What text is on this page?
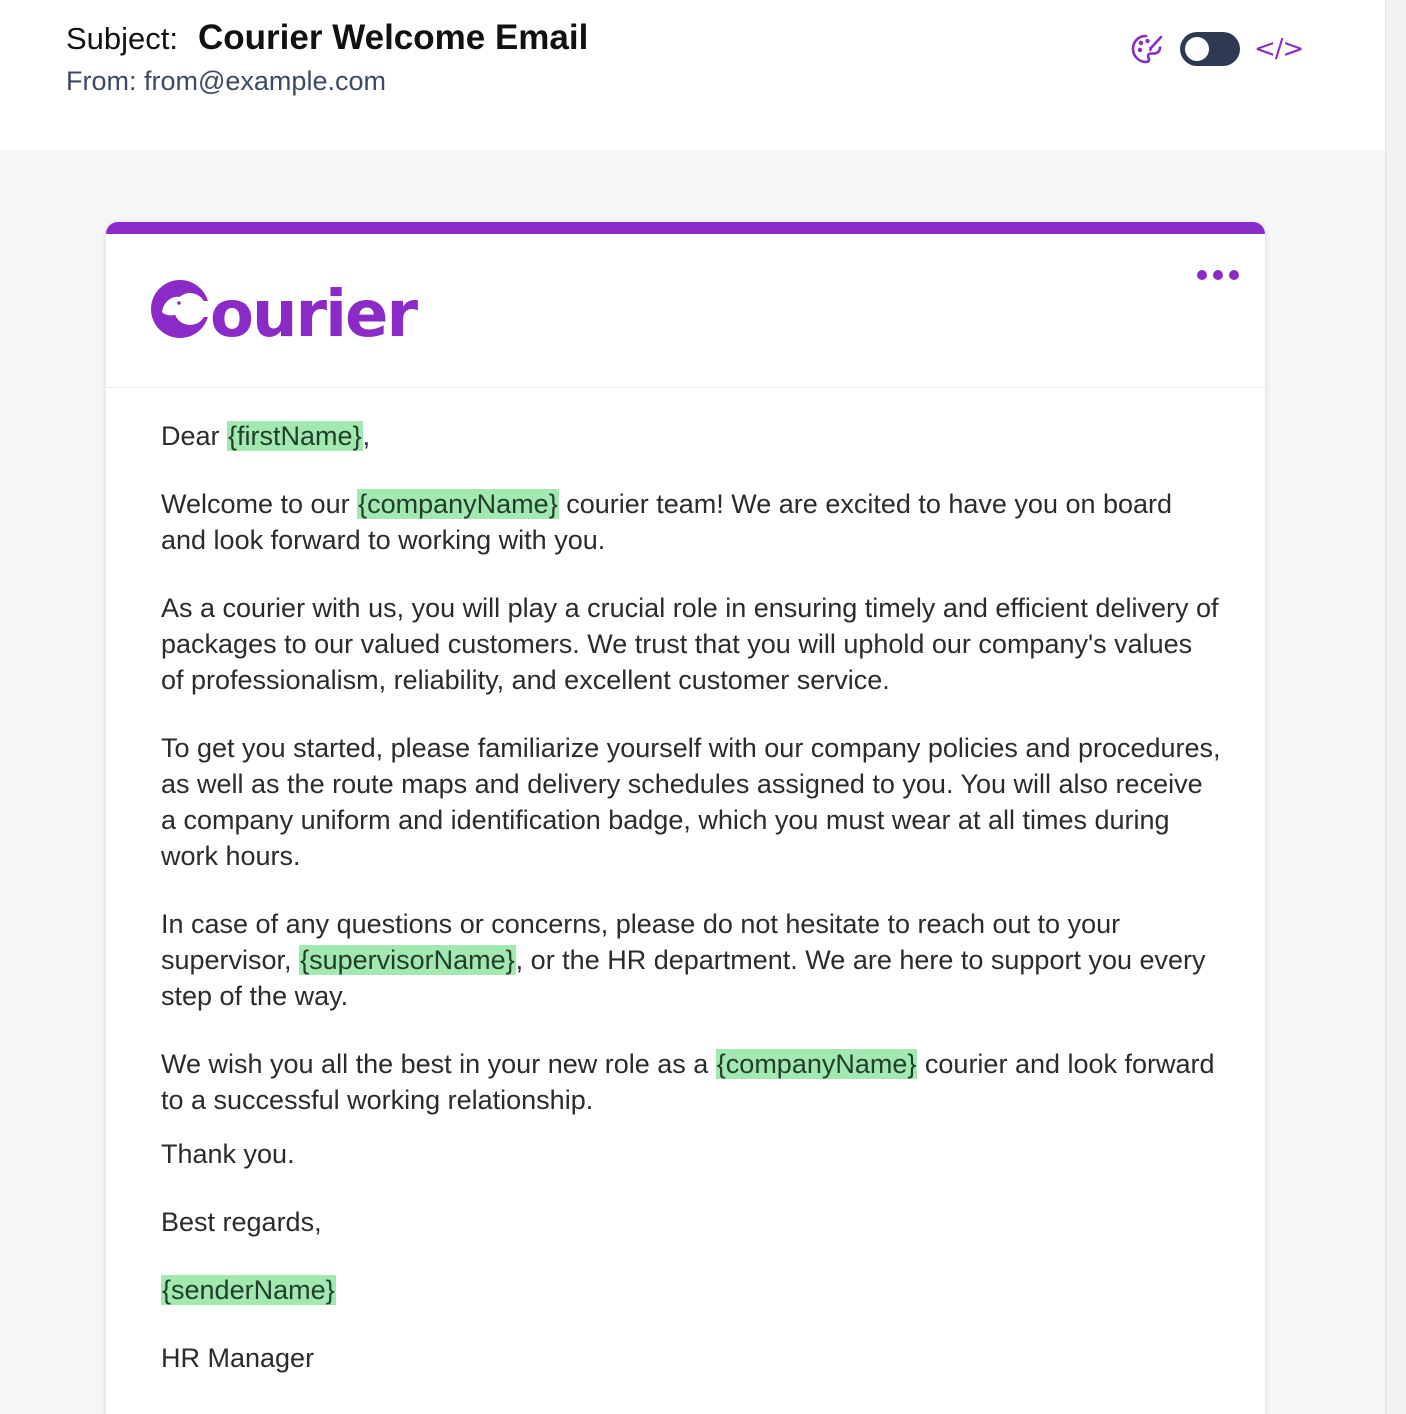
Subject: Courier Welcome Email
From: from@example.com
</>
ourier

Dear {firstName},

Welcome to our {companyName} courier team! We are excited to have you on board and look forward to working with you.

As a courier with us, you will play a crucial role in ensuring timely and efficient delivery of packages to our valued customers. We trust that you will uphold our company's values of professionalism, reliability, and excellent customer service.

To get you started, please familiarize yourself with our company policies and procedures, as well as the route maps and delivery schedules assigned to you. You will also receive a company uniform and identification badge, which you must wear at all times during work hours.

In case of any questions or concerns, please do not hesitate to reach out to your supervisor, {supervisorName}, or the HR department. We are here to support you every step of the way.

We wish you all the best in your new role as a {companyName} courier and look forward to a successful working relationship.

Thank you.

Best regards,

{senderName}

HR Manager
